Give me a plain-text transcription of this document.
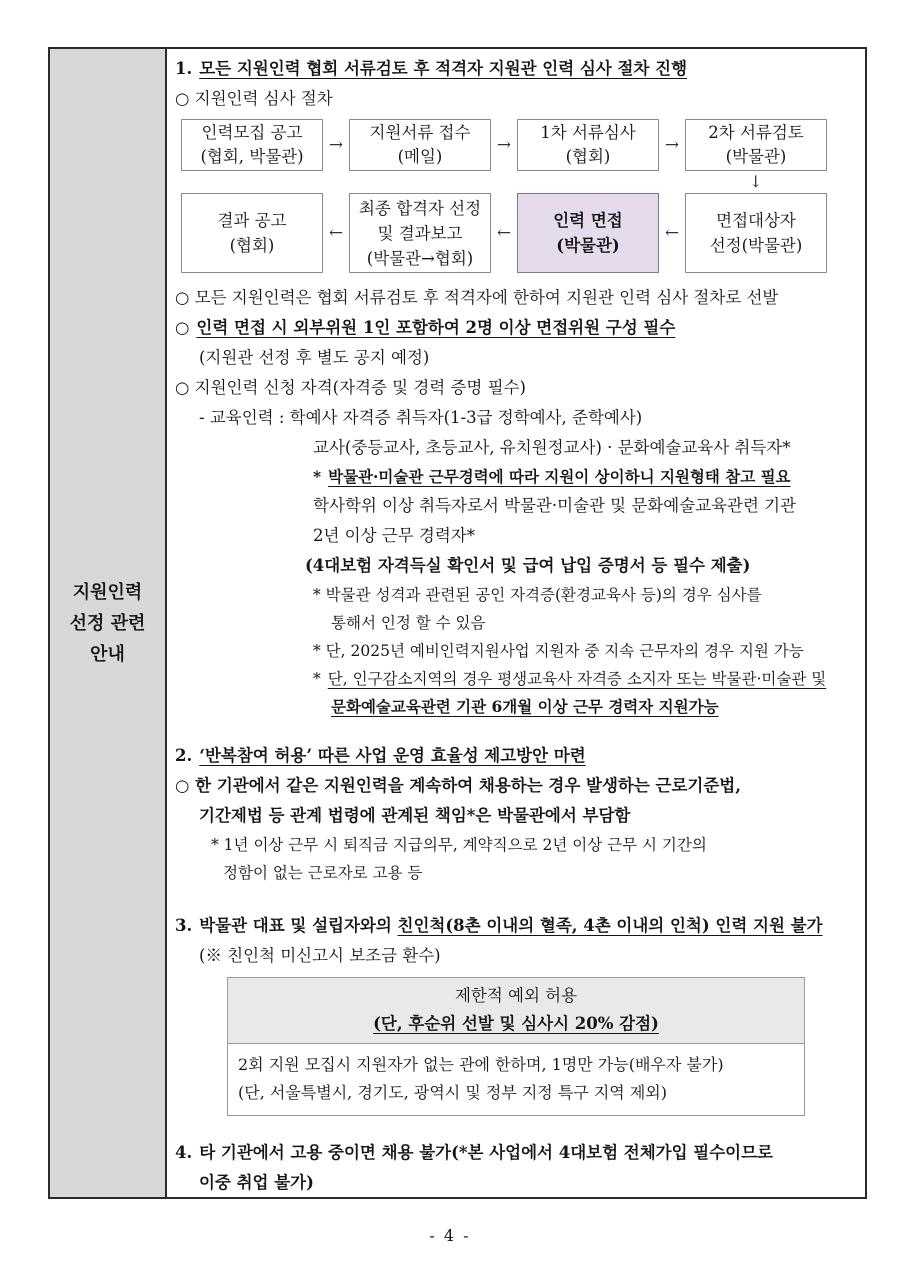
지원인력
선정 관련
안내
1. 모든 지원인력 협회 서류검토 후 적격자 지원관 인력 심사 절차 진행
○ 지원인력 심사 절차
인력모집 공고
(협회, 박물관)
→
지원서류 접수
(메일)
→
1차 서류심사
(협회)
→
2차 서류검토
(박물관)
↓
결과 공고
(협회)
←
최종 합격자 선정
및 결과보고
(박물관→협회)
←
인력 면접
(박물관)
←
면접대상자
선정(박물관)
○ 모든 지원인력은 협회 서류검토 후 적격자에 한하여 지원관 인력 심사 절차로 선발
○ 인력 면접 시 외부위원 1인 포함하여 2명 이상 면접위원 구성 필수
(지원관 선정 후 별도 공지 예정)
○ 지원인력 신청 자격(자격증 및 경력 증명 필수)
- 교육인력 : 학예사 자격증 취득자(1-3급 정학예사, 준학예사)
교사(중등교사, 초등교사, 유치원정교사) · 문화예술교육사 취득자*
* 박물관·미술관 근무경력에 따라 지원이 상이하니 지원형태 참고 필요
학사학위 이상 취득자로서 박물관·미술관 및 문화예술교육관련 기관
2년 이상 근무 경력자*
(4대보험 자격득실 확인서 및 급여 납입 증명서 등 필수 제출)
* 박물관 성격과 관련된 공인 자격증(환경교육사 등)의 경우 심사를
통해서 인정 할 수 있음
* 단, 2025년 예비인력지원사업 지원자 중 지속 근무자의 경우 지원 가능
* 단, 인구감소지역의 경우 평생교육사 자격증 소지자 또는 박물관·미술관 및
문화예술교육관련 기관 6개월 이상 근무 경력자 지원가능
2. ‘반복참여 허용’ 따른 사업 운영 효율성 제고방안 마련
○ 한 기관에서 같은 지원인력을 계속하여 채용하는 경우 발생하는 근로기준법,
기간제법 등 관계 법령에 관계된 책임*은 박물관에서 부담함
* 1년 이상 근무 시 퇴직금 지급의무, 계약직으로 2년 이상 근무 시 기간의
정함이 없는 근로자로 고용 등
3. 박물관 대표 및 설립자와의 친인척(8촌 이내의 혈족, 4촌 이내의 인척) 인력 지원 불가
(※ 친인척 미신고시 보조금 환수)
제한적 예외 허용
(단, 후순위 선발 및 심사시 20% 감점)
2회 지원 모집시 지원자가 없는 관에 한하며, 1명만 가능(배우자 불가)
(단, 서울특별시, 경기도, 광역시 및 정부 지정 특구 지역 제외)
4. 타 기관에서 고용 중이면 채용 불가(*본 사업에서 4대보험 전체가입 필수이므로
이중 취업 불가)
- 4 -
